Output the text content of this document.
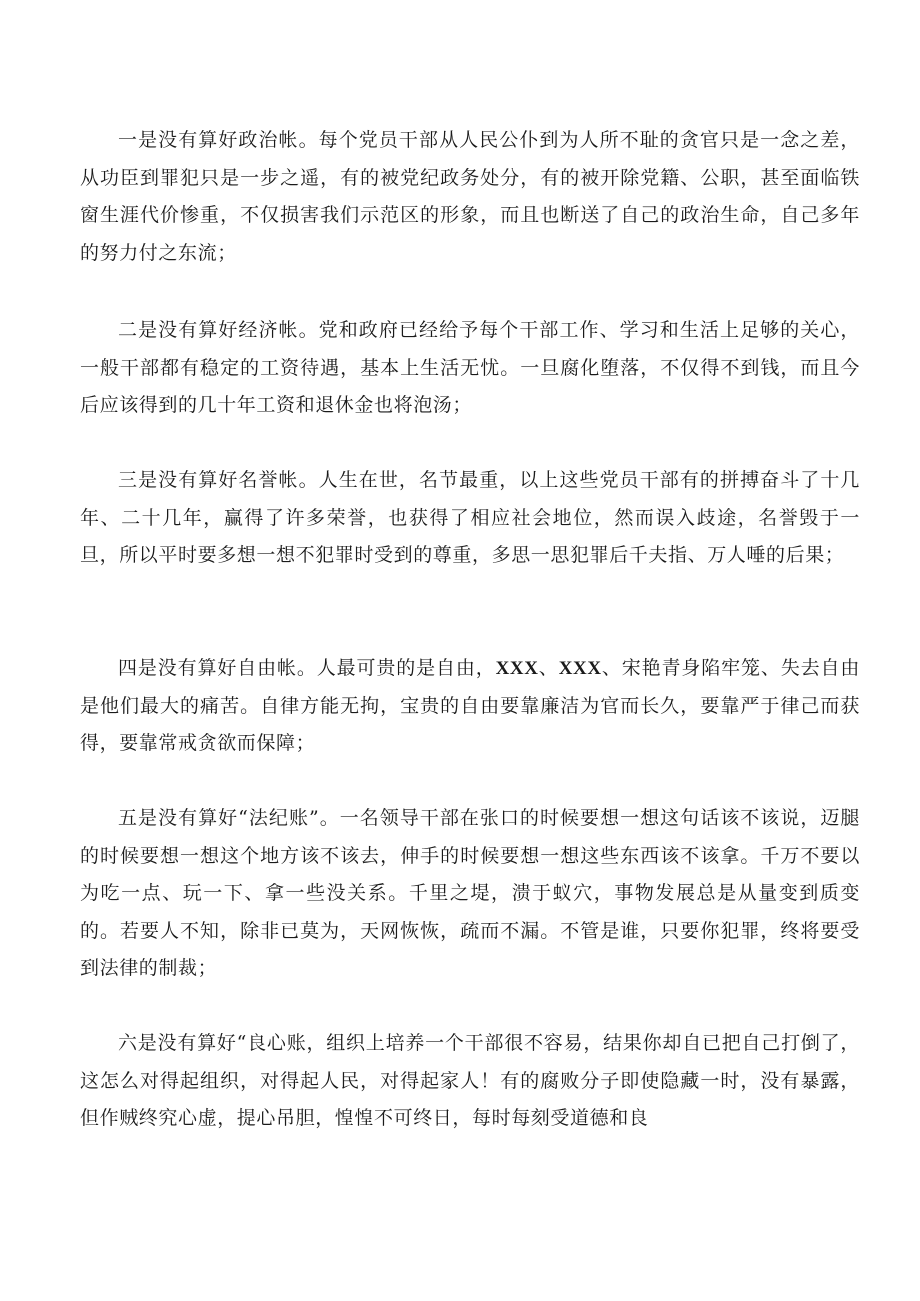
一是没有算好政治帐。每个党员干部从人民公仆到为人所不耻的贪官只是一念之差，从功臣到罪犯只是一步之遥，有的被党纪政务处分，有的被开除党籍、公职，甚至面临铁窗生涯代价惨重，不仅损害我们示范区的形象，而且也断送了自己的政治生命，自己多年的努力付之东流；

二是没有算好经济帐。党和政府已经给予每个干部工作、学习和生活上足够的关心，一般干部都有稳定的工资待遇，基本上生活无忧。一旦腐化堕落，不仅得不到钱，而且今后应该得到的几十年工资和退休金也将泡汤；

三是没有算好名誉帐。人生在世，名节最重，以上这些党员干部有的拼搏奋斗了十几年、二十几年，赢得了许多荣誉，也获得了相应社会地位，然而误入歧途，名誉毁于一旦，所以平时要多想一想不犯罪时受到的尊重，多思一思犯罪后千夫指、万人唾的后果；

四是没有算好自由帐。人最可贵的是自由，XXX、XXX、宋艳青身陷牢笼、失去自由是他们最大的痛苦。自律方能无拘，宝贵的自由要靠廉洁为官而长久，要靠严于律己而获得，要靠常戒贪欲而保障；

五是没有算好“法纪账”。一名领导干部在张口的时候要想一想这句话该不该说，迈腿的时候要想一想这个地方该不该去，伸手的时候要想一想这些东西该不该拿。千万不要以为吃一点、玩一下、拿一些没关系。千里之堤，溃于蚁穴，事物发展总是从量变到质变的。若要人不知，除非已莫为，天网恢恢，疏而不漏。不管是谁，只要你犯罪，终将要受到法律的制裁；

六是没有算好“良心账，组织上培养一个干部很不容易，结果你却自已把自己打倒了，这怎么对得起组织，对得起人民，对得起家人！有的腐败分子即使隐藏一时，没有暴露，但作贼终究心虚，提心吊胆，惶惶不可终日，每时每刻受道德和良
